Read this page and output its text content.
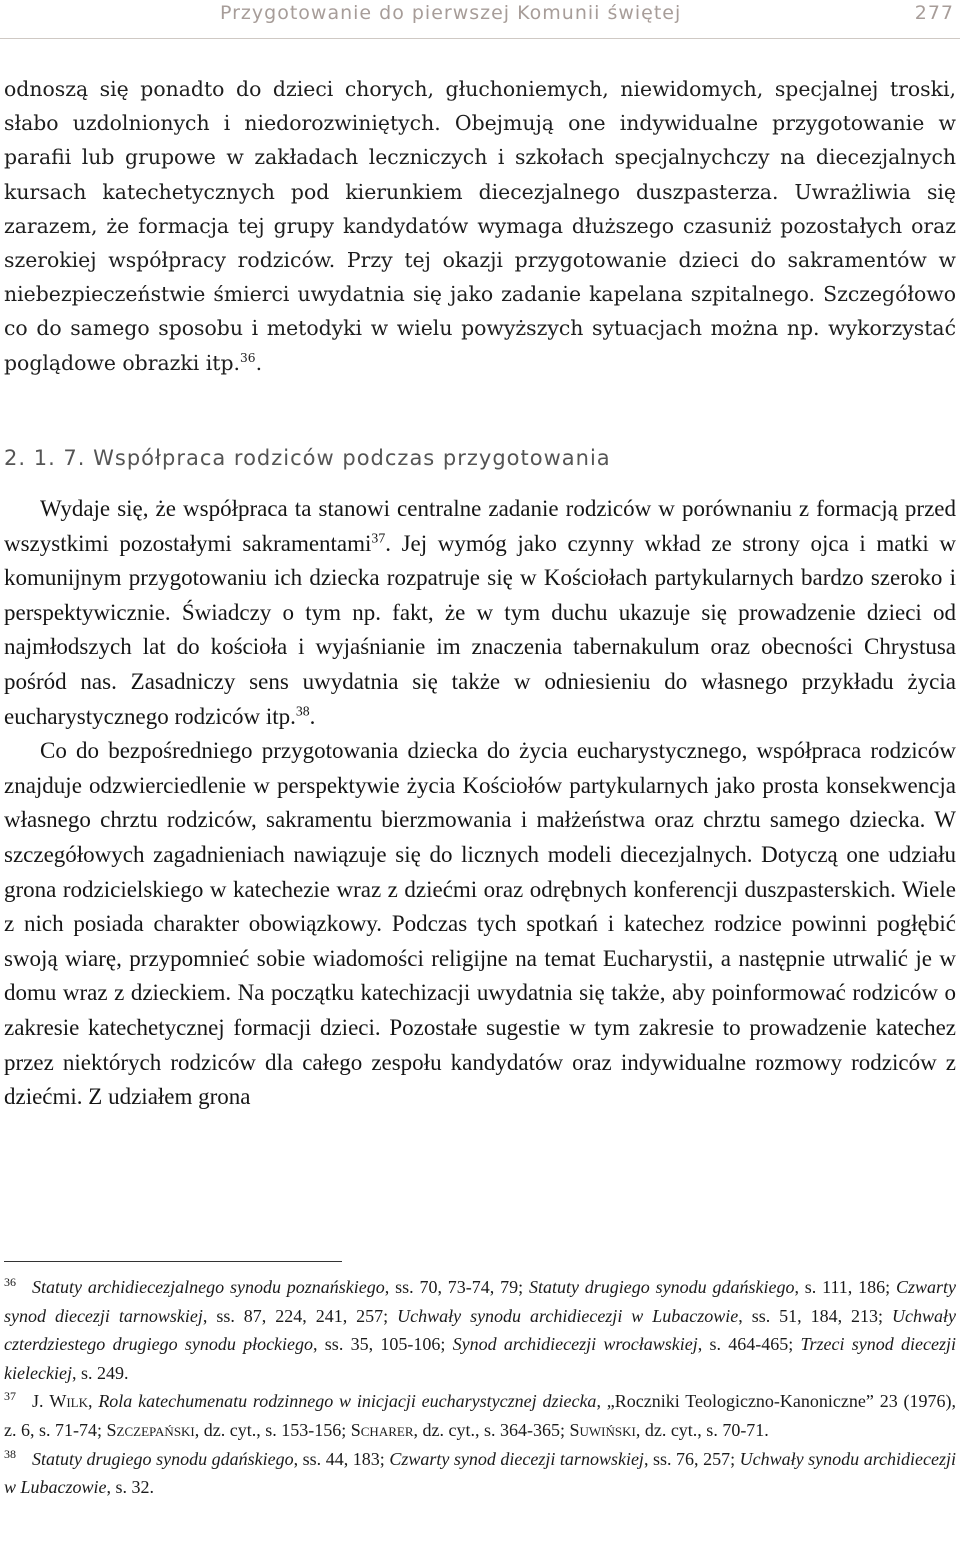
Przygotowanie do pierwszej Komunii świętej	277

odnoszą się ponadto do dzieci chorych, głuchoniemych, niewidomych, specjalnej troski, słabo uzdolnionych i niedorozwiniętych. Obejmują one indywidualne przygotowanie w parafii lub grupowe w zakładach leczniczych i szkołach specjalnychczy na diecezjalnych kursach katechetycznych pod kierunkiem diecezjalnego duszpasterza. Uwrażliwia się zarazem, że formacja tej grupy kandydatów wymaga dłuższego czasuniż pozostałych oraz szerokiej współpracy rodziców. Przy tej okazji przygotowanie dzieci do sakramentów w niebezpieczeństwie śmierci uwydatnia się jako zadanie kapelana szpitalnego. Szczegółowo co do samego sposobu i metodyki w wielu powyższych sytuacjach można np. wykorzystać poglądowe obrazki itp.$^{36}$.

2. 1. 7. Współpraca rodziców podczas przygotowania

Wydaje się, że współpraca ta stanowi centralne zadanie rodziców w porównaniu z formacją przed wszystkimi pozostałymi sakramentami$^{37}$. Jej wymóg jako czynny wkład ze strony ojca i matki w komunijnym przygotowaniu ich dziecka rozpatruje się w Kościołach partykularnych bardzo szeroko i perspektywicznie. Świadczy o tym np. fakt, że w tym duchu ukazuje się prowadzenie dzieci od najmłodszych lat do kościoła i wyjaśnianie im znaczenia tabernakulum oraz obecności Chrystusa pośród nas. Zasadniczy sens uwydatnia się także w odniesieniu do własnego przykładu życia eucharystycznego rodziców itp.$^{38}$.

Co do bezpośredniego przygotowania dziecka do życia eucharystycznego, współpraca rodziców znajduje odzwierciedlenie w perspektywie życia Kościołów partykularnych jako prosta konsekwencja własnego chrztu rodziców, sakramentu bierzmowania i małżeństwa oraz chrztu samego dziecka. W szczegółowych zagadnieniach nawiązuje się do licznych modeli diecezjalnych. Dotyczą one udziału grona rodzicielskiego w katechezie wraz z dziećmi oraz odrębnych konferencji duszpasterskich. Wiele z nich posiada charakter obowiązkowy. Podczas tych spotkań i katechez rodzice powinni pogłębić swoją wiarę, przypomnieć sobie wiadomości religijne na temat Eucharystii, a następnie utrwalić je w domu wraz z dzieckiem. Na początku katechizacji uwydatnia się także, aby poinformować rodziców o zakresie katechetycznej formacji dzieci. Pozostałe sugestie w tym zakresie to prowadzenie katechez przez niektórych rodziców dla całego zespołu kandydatów oraz indywidualne rozmowy rodziców z dziećmi. Z udziałem grona

$^{36}$ Statuty archidiecezjalnego synodu poznańskiego, ss. 70, 73-74, 79; Statuty drugiego synodu gdańskiego, s. 111, 186; Czwarty synod diecezji tarnowskiej, ss. 87, 224, 241, 257; Uchwały synodu archidiecezji w Lubaczowie, ss. 51, 184, 213; Uchwały czterdziestego drugiego synodu płockiego, ss. 35, 105-106; Synod archidiecezji wrocławskiej, s. 464-465; Trzeci synod diecezji kieleckiej, s. 249.

$^{37}$ J. Wilk, Rola katechumenatu rodzinnego w inicjacji eucharystycznej dziecka, „Roczniki Teologiczno-Kanoniczne” 23 (1976), z. 6, s. 71-74; Szczepański, dz. cyt., s. 153-156; Scharer, dz. cyt., s. 364-365; Suwiński, dz. cyt., s. 70-71.

$^{38}$ Statuty drugiego synodu gdańskiego, ss. 44, 183; Czwarty synod diecezji tarnowskiej, ss. 76, 257; Uchwały synodu archidiecezji w Lubaczowie, s. 32.
